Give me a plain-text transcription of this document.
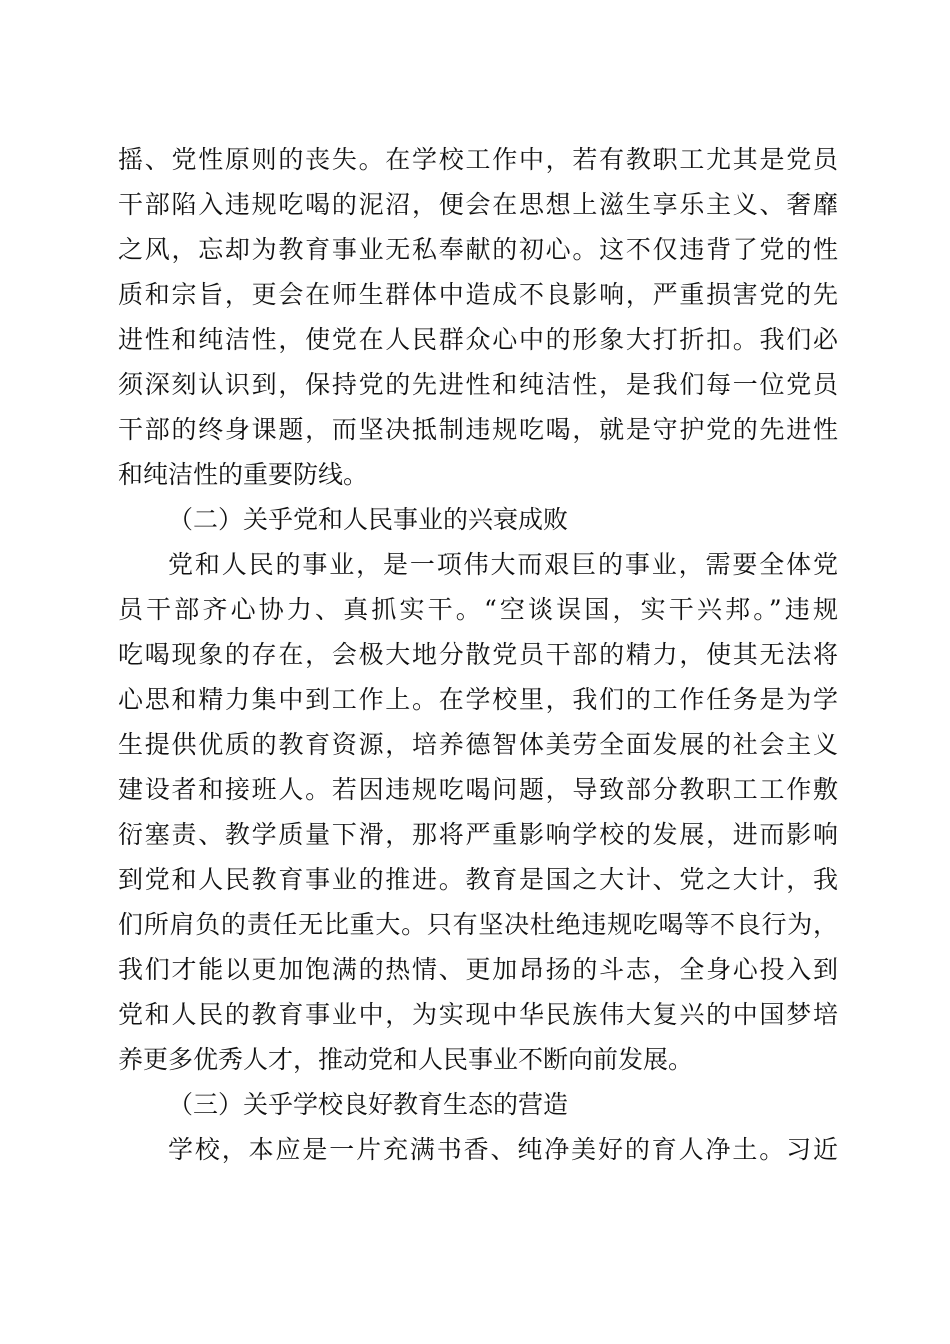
摇、党性原则的丧失。在学校工作中，若有教职工尤其是党员
干部陷入违规吃喝的泥沼，便会在思想上滋生享乐主义、奢靡
之风，忘却为教育事业无私奉献的初心。这不仅违背了党的性
质和宗旨，更会在师生群体中造成不良影响，严重损害党的先
进性和纯洁性，使党在人民群众心中的形象大打折扣。我们必
须深刻认识到，保持党的先进性和纯洁性，是我们每一位党员
干部的终身课题，而坚决抵制违规吃喝，就是守护党的先进性
和纯洁性的重要防线。
（二）关乎党和人民事业的兴衰成败
党和人民的事业，是一项伟大而艰巨的事业，需要全体党
员干部齐心协力、真抓实干。“空谈误国，实干兴邦。”违规
吃喝现象的存在，会极大地分散党员干部的精力，使其无法将
心思和精力集中到工作上。在学校里，我们的工作任务是为学
生提供优质的教育资源，培养德智体美劳全面发展的社会主义
建设者和接班人。若因违规吃喝问题，导致部分教职工工作敷
衍塞责、教学质量下滑，那将严重影响学校的发展，进而影响
到党和人民教育事业的推进。教育是国之大计、党之大计，我
们所肩负的责任无比重大。只有坚决杜绝违规吃喝等不良行为，
我们才能以更加饱满的热情、更加昂扬的斗志，全身心投入到
党和人民的教育事业中，为实现中华民族伟大复兴的中国梦培
养更多优秀人才，推动党和人民事业不断向前发展。
（三）关乎学校良好教育生态的营造
学校，本应是一片充满书香、纯净美好的育人净土。习近
